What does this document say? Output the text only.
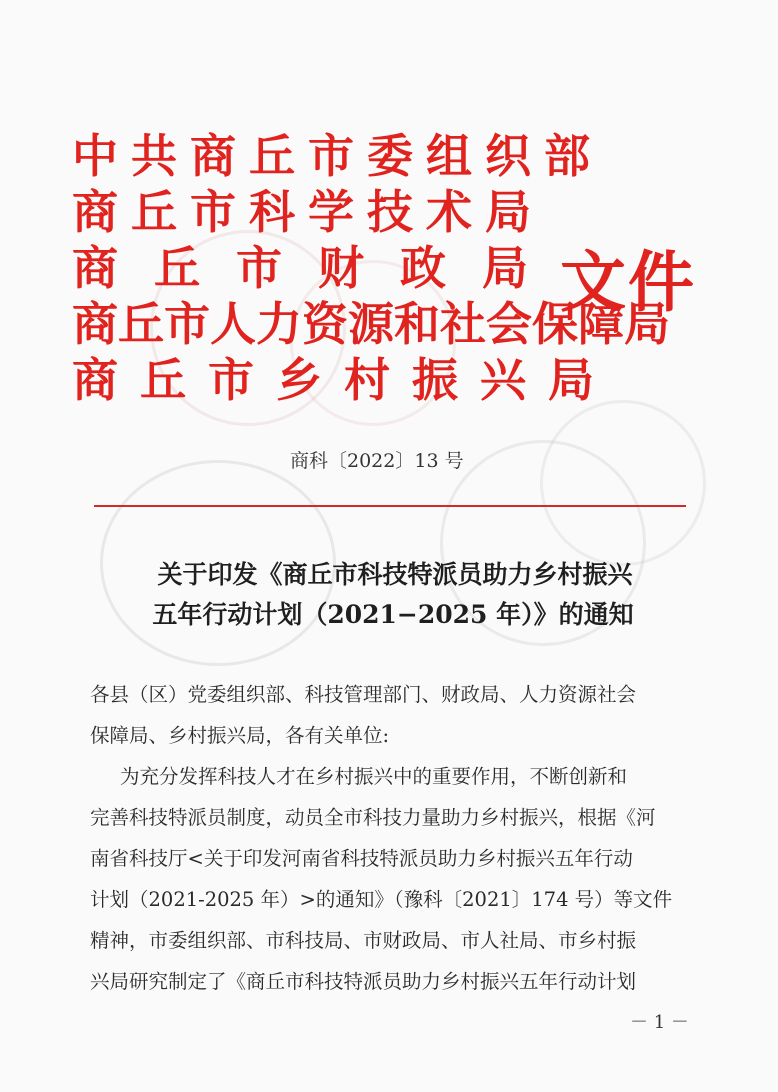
中共商丘市委组织部
商丘市科学技术局
商丘市财政局
商丘市人力资源和社会保障局
商丘市乡村振兴局
文件
商科〔2022〕13 号
关于印发《商丘市科技特派员助力乡村振兴
五年行动计划（2021−2025 年）》的通知
各县（区）党委组织部、科技管理部门、财政局、人力资源社会
保障局、乡村振兴局，各有关单位:
为充分发挥科技人才在乡村振兴中的重要作用，不断创新和
完善科技特派员制度，动员全市科技力量助力乡村振兴，根据《河
南省科技厅<关于印发河南省科技特派员助力乡村振兴五年行动
计划（2021-2025 年）>的通知》（豫科〔2021〕174 号）等文件
精神，市委组织部、市科技局、市财政局、市人社局、市乡村振
兴局研究制定了《商丘市科技特派员助力乡村振兴五年行动计划
－ 1 －
